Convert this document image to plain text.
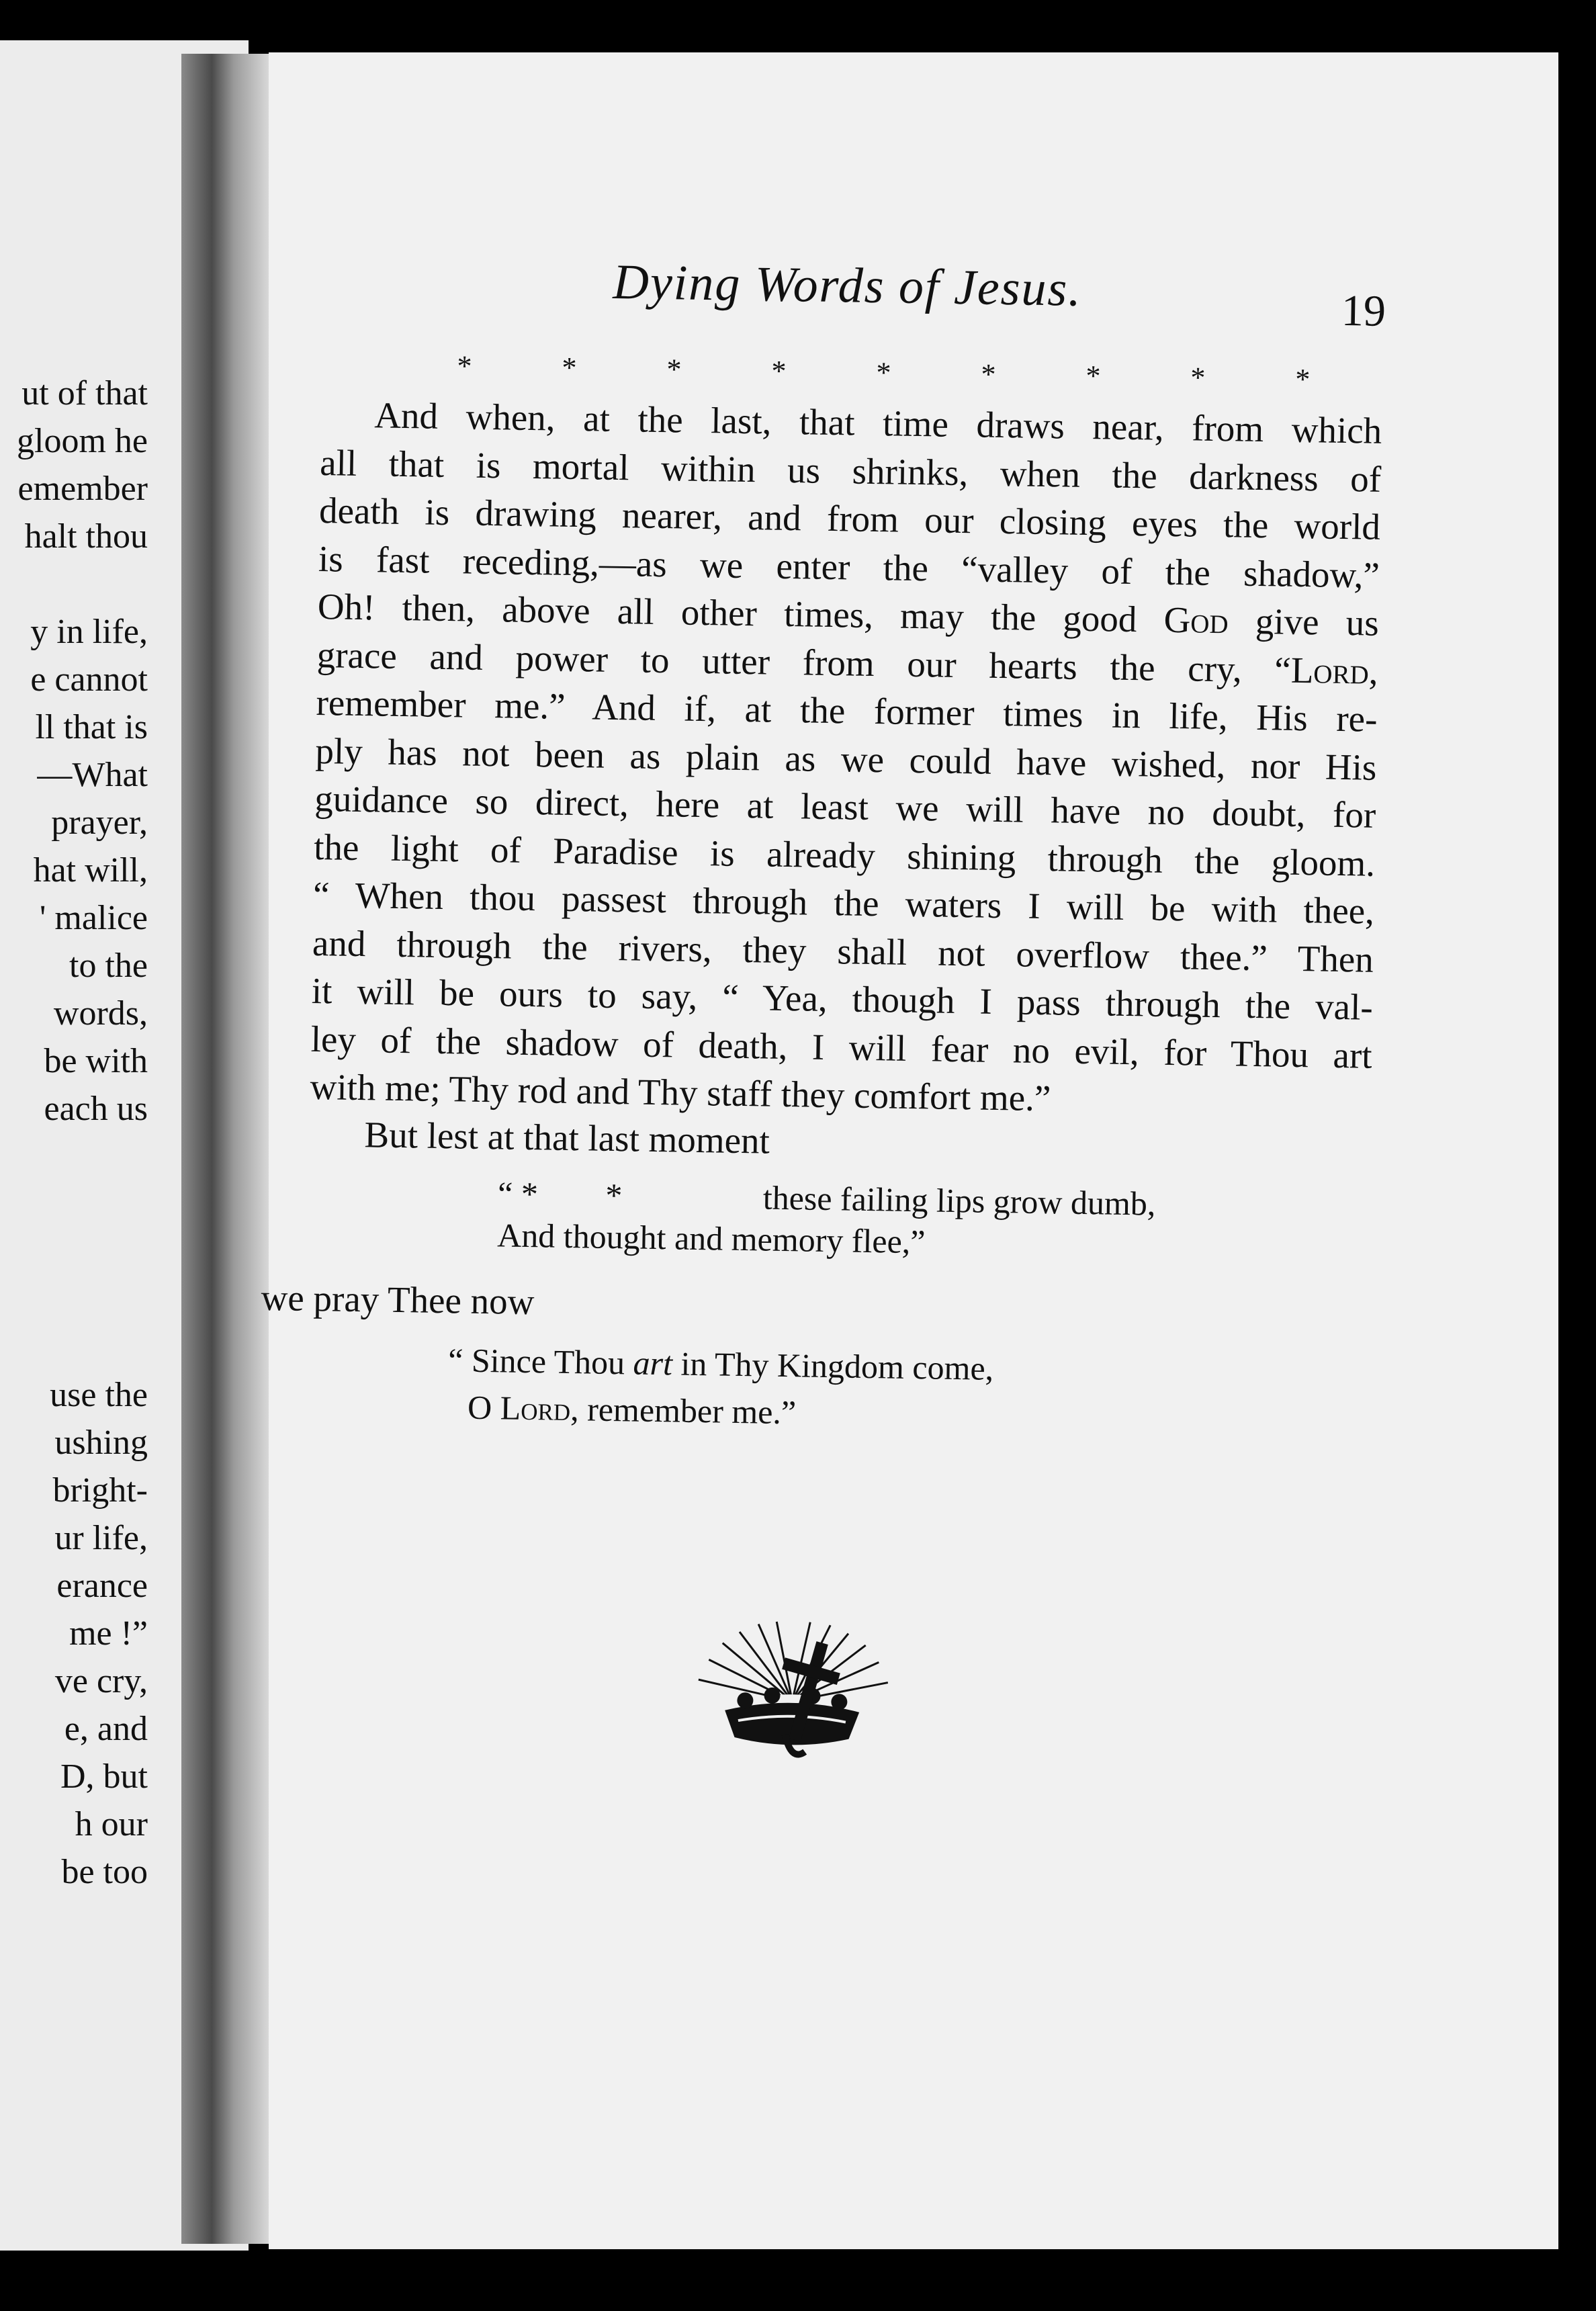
ut of that
gloom he
emember
halt thou
y in life,
e cannot
ll that is
—What
prayer,
hat will,
' malice
to the
words,
be with
each us
use the
ushing
bright-
ur life,
erance
me !”
ve cry,
e, and
D, but
h our
be too
Dying Words of Jesus.	19
*	*	*	*	*	*	*	*	*
And when, at the last, that time draws near, from which
all that is mortal within us shrinks, when the darkness of
death is drawing nearer, and from our closing eyes the world
is fast receding,—as we enter the “valley of the shadow,”
Oh! then, above all other times, may the good God give us
grace and power to utter from our hearts the cry, “Lord,
remember me.” And if, at the former times in life, His re-
ply has not been as plain as we could have wished, nor His
guidance so direct, here at least we will have no doubt, for
the light of Paradise is already shining through the gloom.
“ When thou passest through the waters I will be with thee,
and through the rivers, they shall not overflow thee.” Then
it will be ours to say, “ Yea, though I pass through the val-
ley of the shadow of death, I will fear no evil, for Thou art
with me; Thy rod and Thy staff they comfort me.”
But lest at that last moment
“ * *	these failing lips grow dumb,
And thought and memory flee,”
we pray Thee now
“ Since Thou art in Thy Kingdom come,
O Lord, remember me.”
